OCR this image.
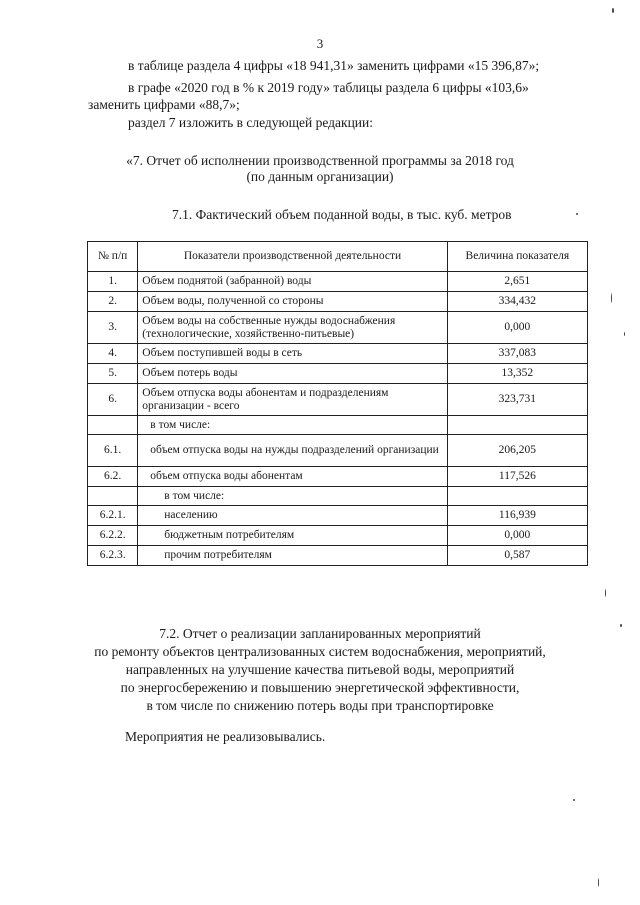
3
в таблице раздела 4 цифры «18 941,31» заменить цифрами «15 396,87»;
в графе «2020 год в % к 2019 году» таблицы раздела 6 цифры «103,6»
заменить цифрами «88,7»;
раздел 7 изложить в следующей редакции:
«7. Отчет об исполнении производственной программы за 2018 год
(по данным организации)
7.1. Фактический объем поданной воды, в тыс. куб. метров
№ п/п	Показатели производственной деятельности	Величина показателя
1.	Объем поднятой (забранной) воды	2,651
2.	Объем воды, полученной со стороны	334,432
3.	Объем воды на собственные нужды водоснабжения (технологические, хозяйственно-питьевые)	0,000
4.	Объем поступившей воды в сеть	337,083
5.	Объем потерь воды	13,352
6.	Объем отпуска воды абонентам и подразделениям организации - всего	323,731
	в том числе:	
6.1.	объем отпуска воды на нужды подразделений организации	206,205
6.2.	объем отпуска воды абонентам	117,526
	в том числе:	
6.2.1.	населению	116,939
6.2.2.	бюджетным потребителям	0,000
6.2.3.	прочим потребителям	0,587
7.2. Отчет о реализации запланированных мероприятий
по ремонту объектов централизованных систем водоснабжения, мероприятий,
направленных на улучшение качества питьевой воды, мероприятий
по энергосбережению и повышению энергетической эффективности,
в том числе по снижению потерь воды при транспортировке
Мероприятия не реализовывались.
